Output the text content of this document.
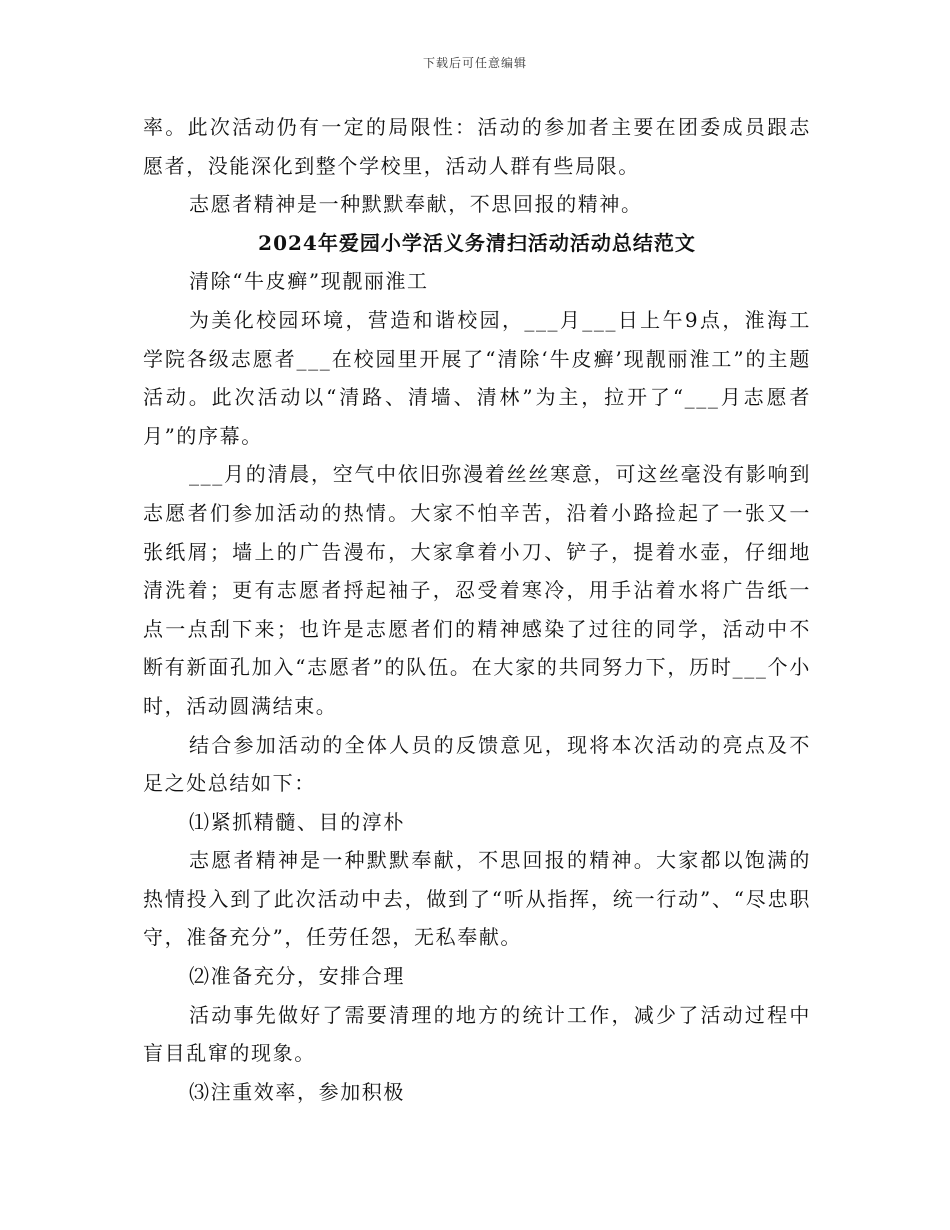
下载后可任意编辑

率。此次活动仍有一定的局限性：活动的参加者主要在团委成员跟志愿者，没能深化到整个学校里，活动人群有些局限。

志愿者精神是一种默默奉献，不思回报的精神。

2024年爱园小学活义务清扫活动活动总结范文

清除“牛皮癣”现靓丽淮工

为美化校园环境，营造和谐校园，___月___日上午9点，淮海工学院各级志愿者___在校园里开展了“清除‘牛皮癣’现靓丽淮工”的主题活动。此次活动以“清路、清墙、清林”为主，拉开了“___月志愿者月”的序幕。

___月的清晨，空气中依旧弥漫着丝丝寒意，可这丝毫没有影响到志愿者们参加活动的热情。大家不怕辛苦，沿着小路捡起了一张又一张纸屑；墙上的广告漫布，大家拿着小刀、铲子，提着水壶，仔细地清洗着；更有志愿者捋起袖子，忍受着寒冷，用手沾着水将广告纸一点一点刮下来；也许是志愿者们的精神感染了过往的同学，活动中不断有新面孔加入“志愿者”的队伍。在大家的共同努力下，历时___个小时，活动圆满结束。

结合参加活动的全体人员的反馈意见，现将本次活动的亮点及不足之处总结如下：

⑴紧抓精髓、目的淳朴

志愿者精神是一种默默奉献，不思回报的精神。大家都以饱满的热情投入到了此次活动中去，做到了“听从指挥，统一行动”、“尽忠职守，准备充分”，任劳任怨，无私奉献。

⑵准备充分，安排合理

活动事先做好了需要清理的地方的统计工作，减少了活动过程中盲目乱窜的现象。

⑶注重效率，参加积极
